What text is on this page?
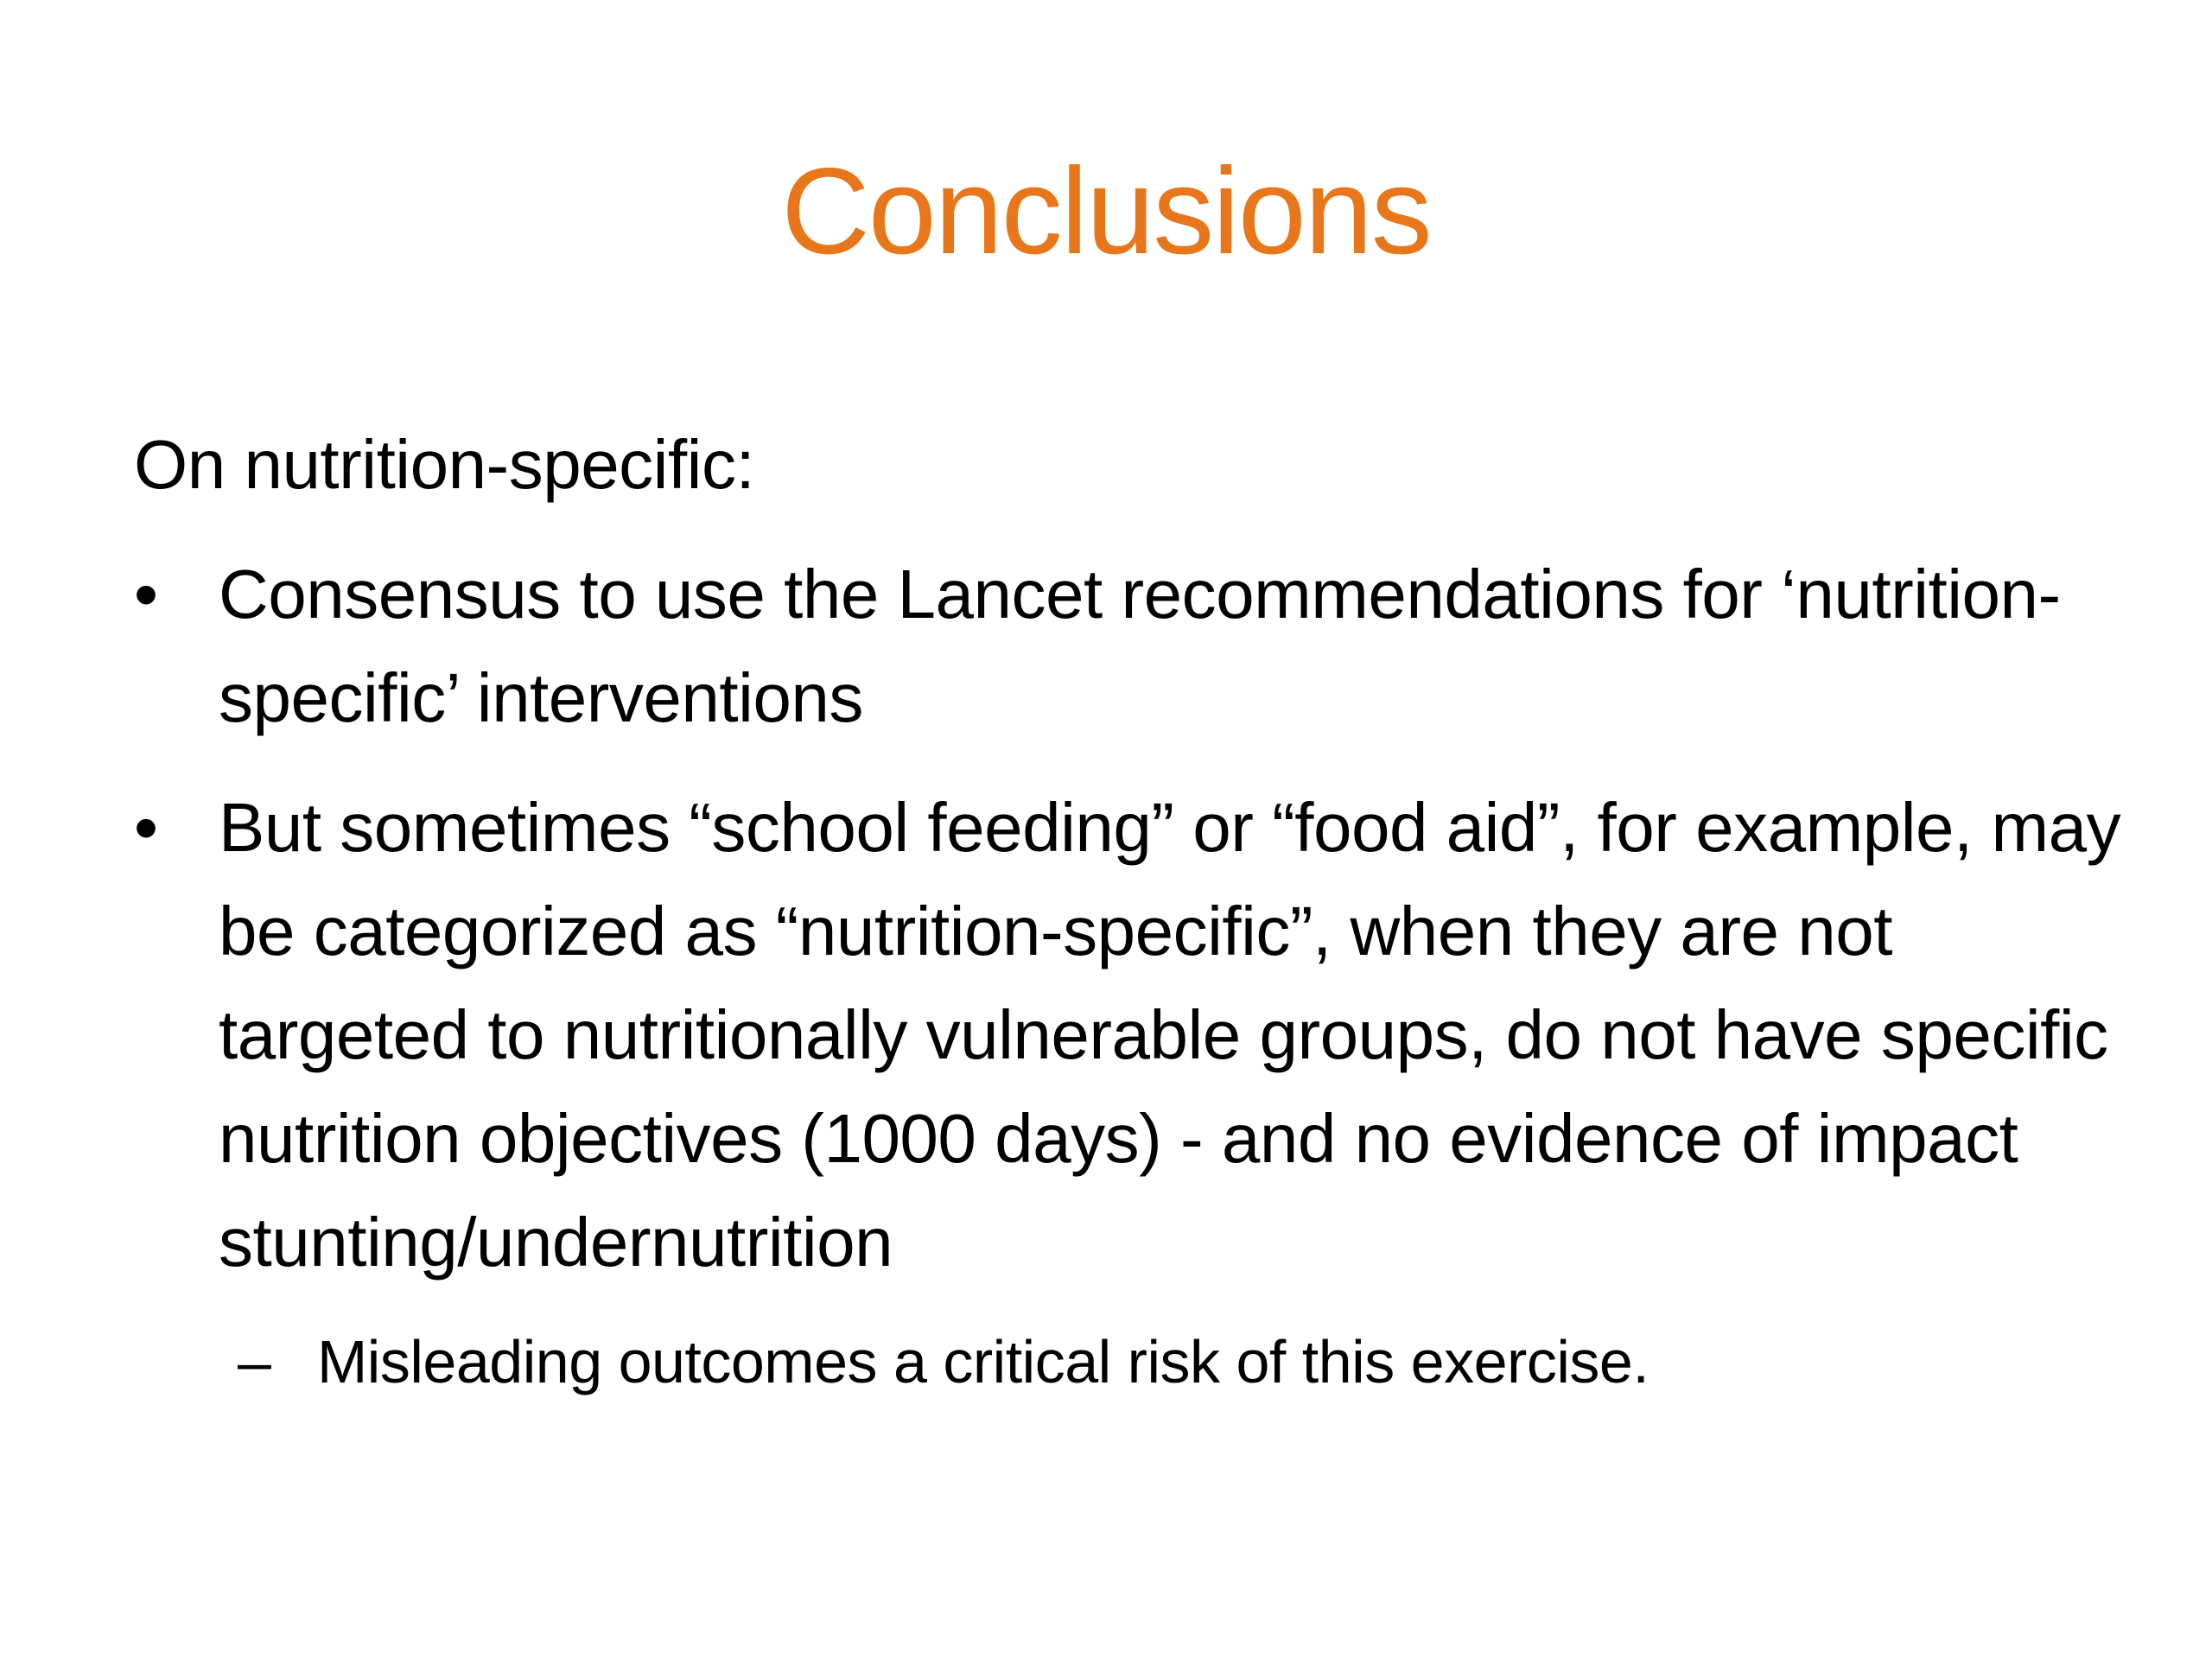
Conclusions
On nutrition-specific:
• Consensus to use the Lancet recommendations for ‘nutrition-specific’ interventions
• But sometimes “school feeding” or “food aid”, for example, may be categorized as “nutrition-specific”, when they are not targeted to nutritionally vulnerable groups, do not have specific nutrition objectives (1000 days) - and no evidence of impact stunting/undernutrition
– Misleading outcomes a critical risk of this exercise.
